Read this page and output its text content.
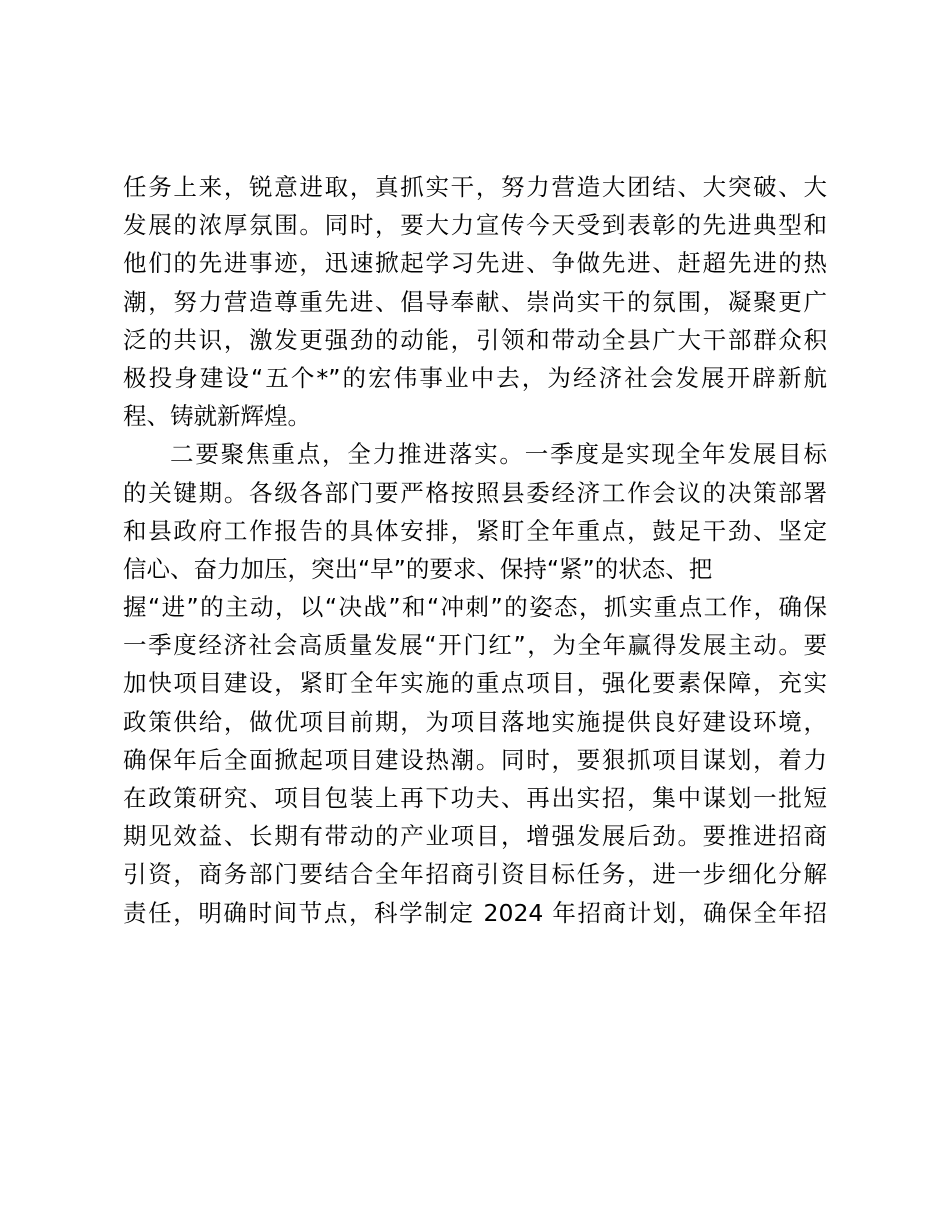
任务上来，锐意进取，真抓实干，努力营造大团结、大突破、大
发展的浓厚氛围。同时，要大力宣传今天受到表彰的先进典型和
他们的先进事迹，迅速掀起学习先进、争做先进、赶超先进的热
潮，努力营造尊重先进、倡导奉献、崇尚实干的氛围，凝聚更广
泛的共识，激发更强劲的动能，引领和带动全县广大干部群众积
极投身建设“五个*”的宏伟事业中去，为经济社会发展开辟新航
程、铸就新辉煌。
二要聚焦重点，全力推进落实。一季度是实现全年发展目标
的关键期。各级各部门要严格按照县委经济工作会议的决策部署
和县政府工作报告的具体安排，紧盯全年重点，鼓足干劲、坚定
信心、奋力加压，突出“早”的要求、保持“紧”的状态、把
握“进”的主动，以“决战”和“冲刺”的姿态，抓实重点工作，确保
一季度经济社会高质量发展“开门红”，为全年赢得发展主动。要
加快项目建设，紧盯全年实施的重点项目，强化要素保障，充实
政策供给，做优项目前期，为项目落地实施提供良好建设环境，
确保年后全面掀起项目建设热潮。同时，要狠抓项目谋划，着力
在政策研究、项目包装上再下功夫、再出实招，集中谋划一批短
期见效益、长期有带动的产业项目，增强发展后劲。要推进招商
引资，商务部门要结合全年招商引资目标任务，进一步细化分解
责任，明确时间节点，科学制定 2024 年招商计划，确保全年招
